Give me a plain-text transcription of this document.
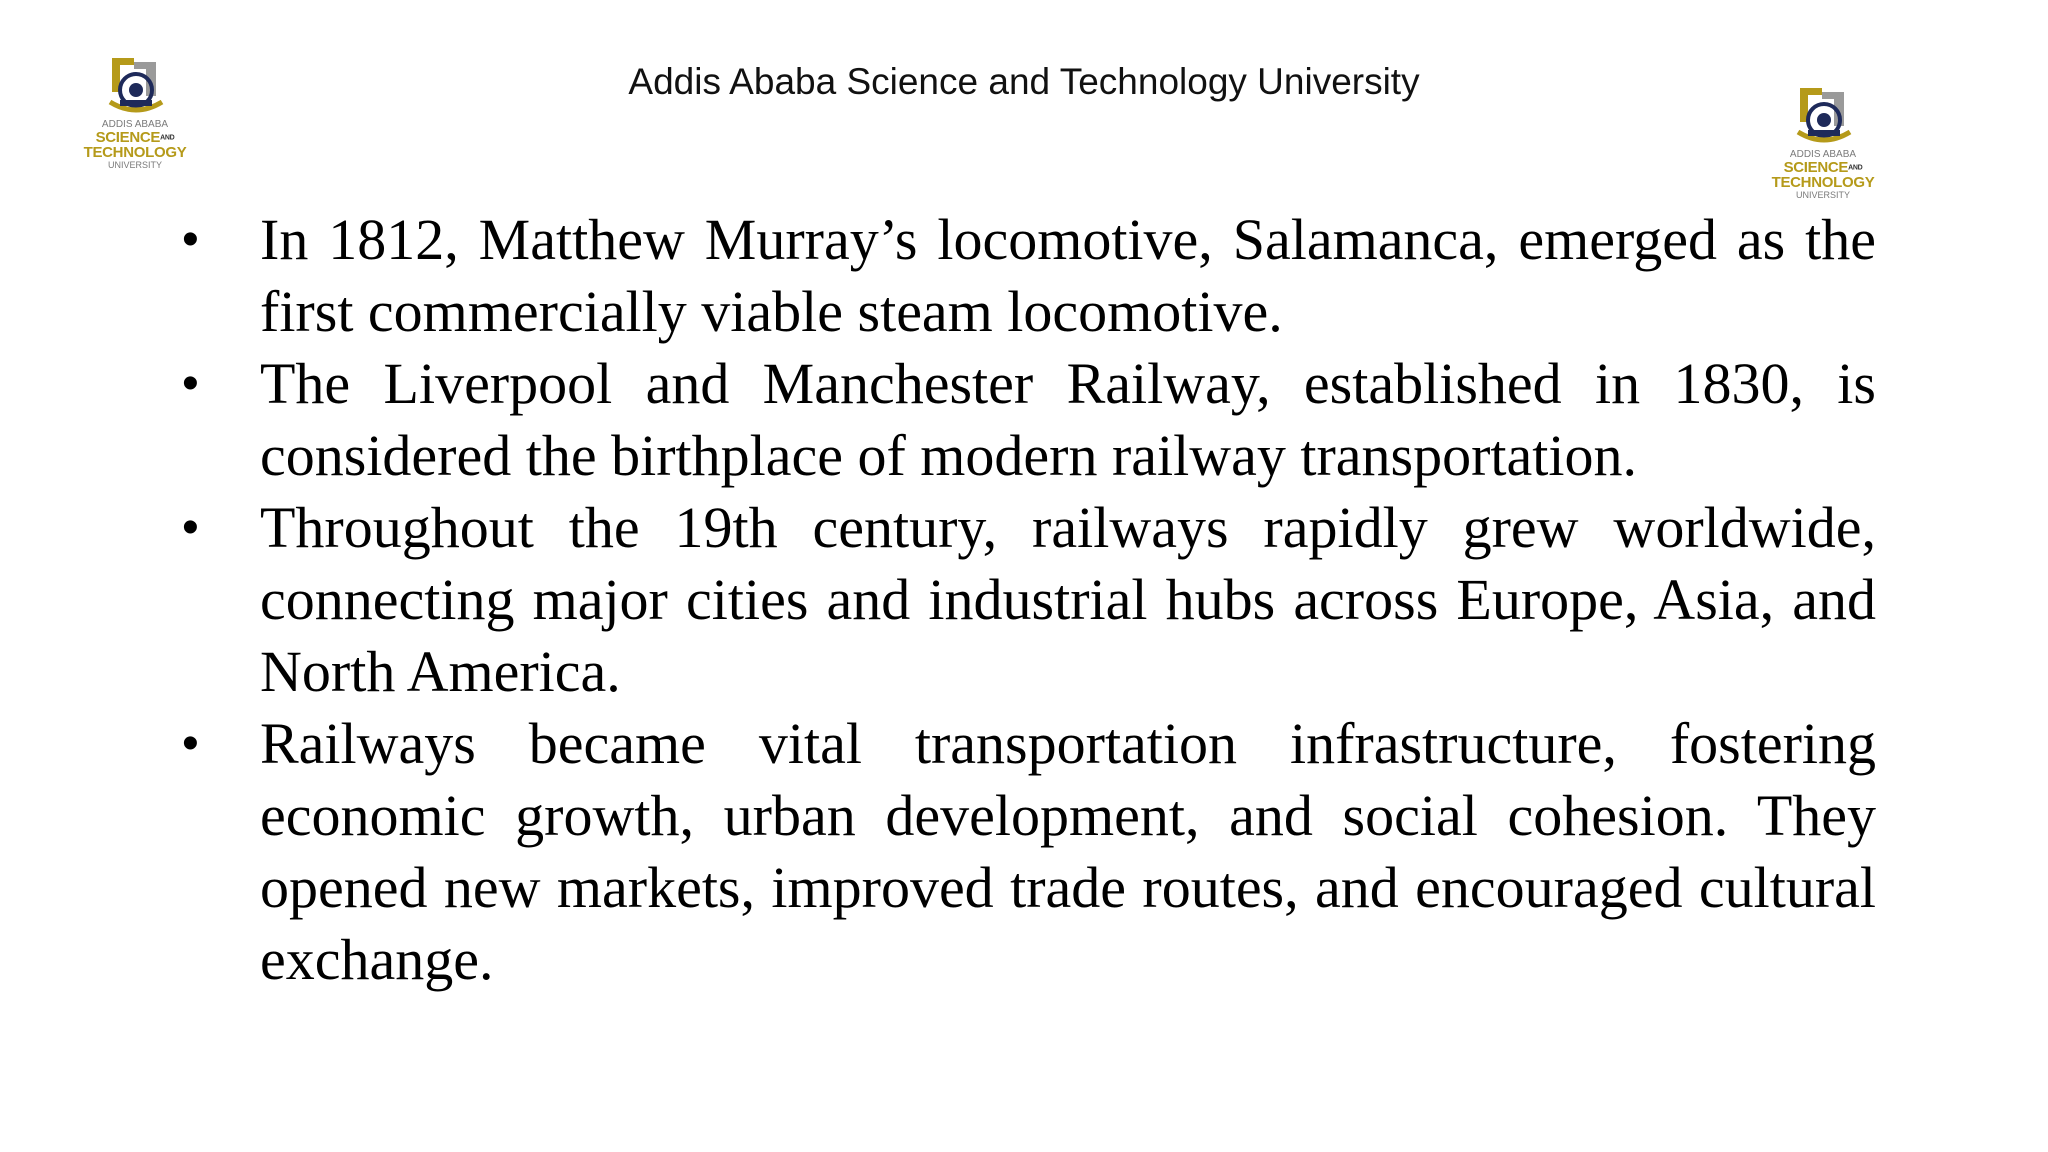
ADDIS ABABA
SCIENCEAND
TECHNOLOGY
UNIVERSITY
Addis Ababa Science and Technology University
ADDIS ABABA
SCIENCEAND
TECHNOLOGY
UNIVERSITY
• In 1812, Matthew Murray’s locomotive, Salamanca, emerged as the first commercially viable steam locomotive.
• The Liverpool and Manchester Railway, established in 1830, is considered the birthplace of modern railway transportation.
• Throughout the 19th century, railways rapidly grew worldwide, connecting major cities and industrial hubs across Europe, Asia, and North America.
• Railways became vital transportation infrastructure, fostering economic growth, urban development, and social cohesion. They opened new markets, improved trade routes, and encouraged cultural exchange.
